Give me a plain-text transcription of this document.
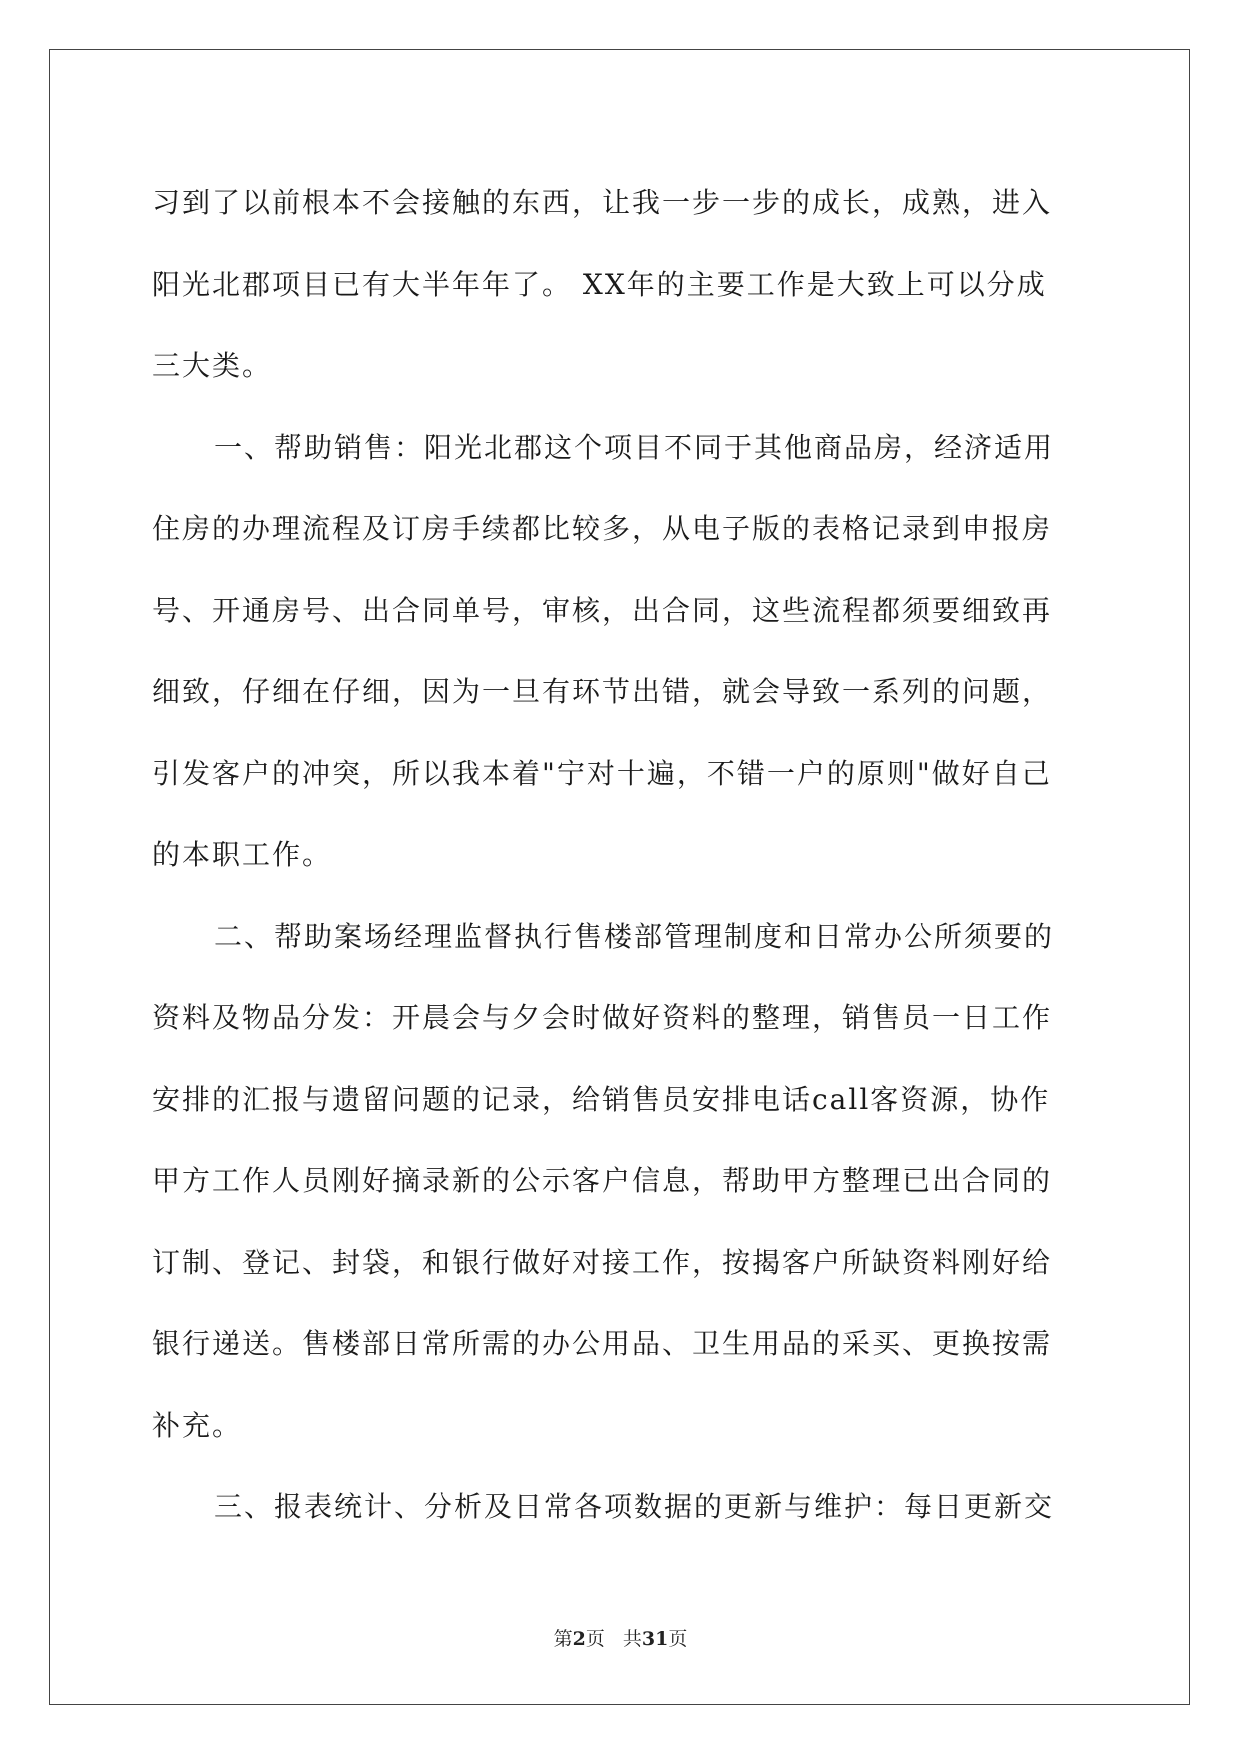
习到了以前根本不会接触的东西，让我一步一步的成长，成熟，进入
阳光北郡项目已有大半年年了。 XX年的主要工作是大致上可以分成
三大类。

一、帮助销售：阳光北郡这个项目不同于其他商品房，经济适用
住房的办理流程及订房手续都比较多，从电子版的表格记录到申报房
号、开通房号、出合同单号，审核，出合同，这些流程都须要细致再
细致，仔细在仔细，因为一旦有环节出错，就会导致一系列的问题，
引发客户的冲突，所以我本着"宁对十遍，不错一户的原则"做好自己
的本职工作。

二、帮助案场经理监督执行售楼部管理制度和日常办公所须要的
资料及物品分发：开晨会与夕会时做好资料的整理，销售员一日工作
安排的汇报与遗留问题的记录，给销售员安排电话call客资源，协作
甲方工作人员刚好摘录新的公示客户信息，帮助甲方整理已出合同的
订制、登记、封袋，和银行做好对接工作，按揭客户所缺资料刚好给
银行递送。售楼部日常所需的办公用品、卫生用品的采买、更换按需
补充。

三、报表统计、分析及日常各项数据的更新与维护：每日更新交

第2页 共31页
